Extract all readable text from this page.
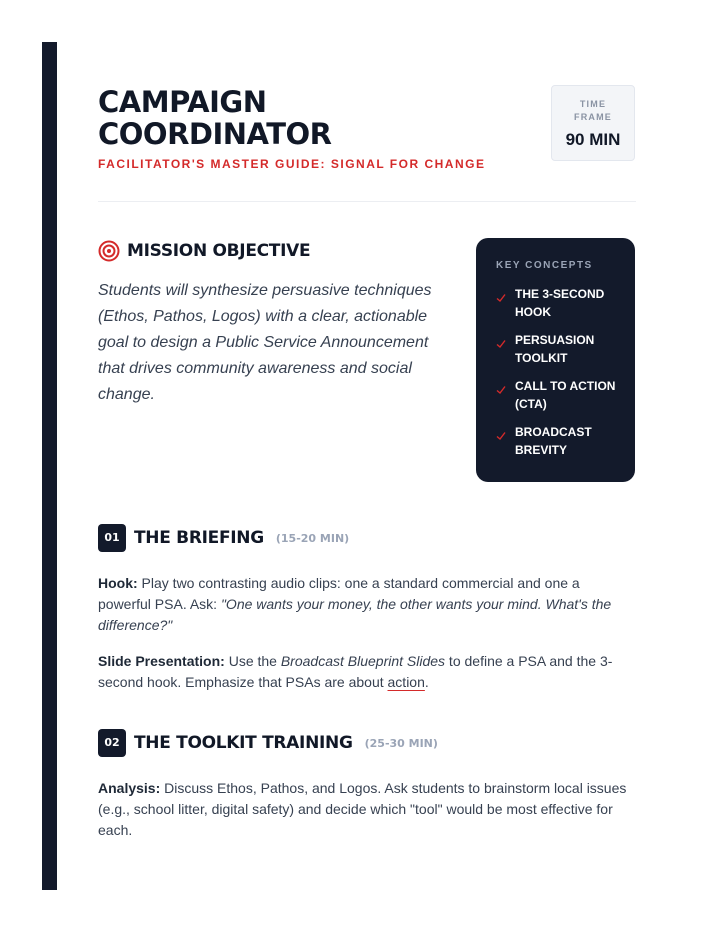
CAMPAIGN
COORDINATOR

FACILITATOR'S MASTER GUIDE: SIGNAL FOR CHANGE

TIME FRAME
90 MIN
MISSION OBJECTIVE

Students will synthesize persuasive techniques (Ethos, Pathos, Logos) with a clear, actionable goal to design a Public Service Announcement that drives community awareness and social change.

KEY CONCEPTS

THE 3-SECOND HOOK
PERSUASION TOOLKIT
CALL TO ACTION (CTA)
BROADCAST BREVITY
01 THE BRIEFING (15-20 MIN)

Hook: Play two contrasting audio clips: one a standard commercial and one a powerful PSA. Ask: "One wants your money, the other wants your mind. What's the difference?"

Slide Presentation: Use the Broadcast Blueprint Slides to define a PSA and the 3-second hook. Emphasize that PSAs are about action.

02 THE TOOLKIT TRAINING (25-30 MIN)

Analysis: Discuss Ethos, Pathos, and Logos. Ask students to brainstorm local issues (e.g., school litter, digital safety) and decide which "tool" would be most effective for each.
